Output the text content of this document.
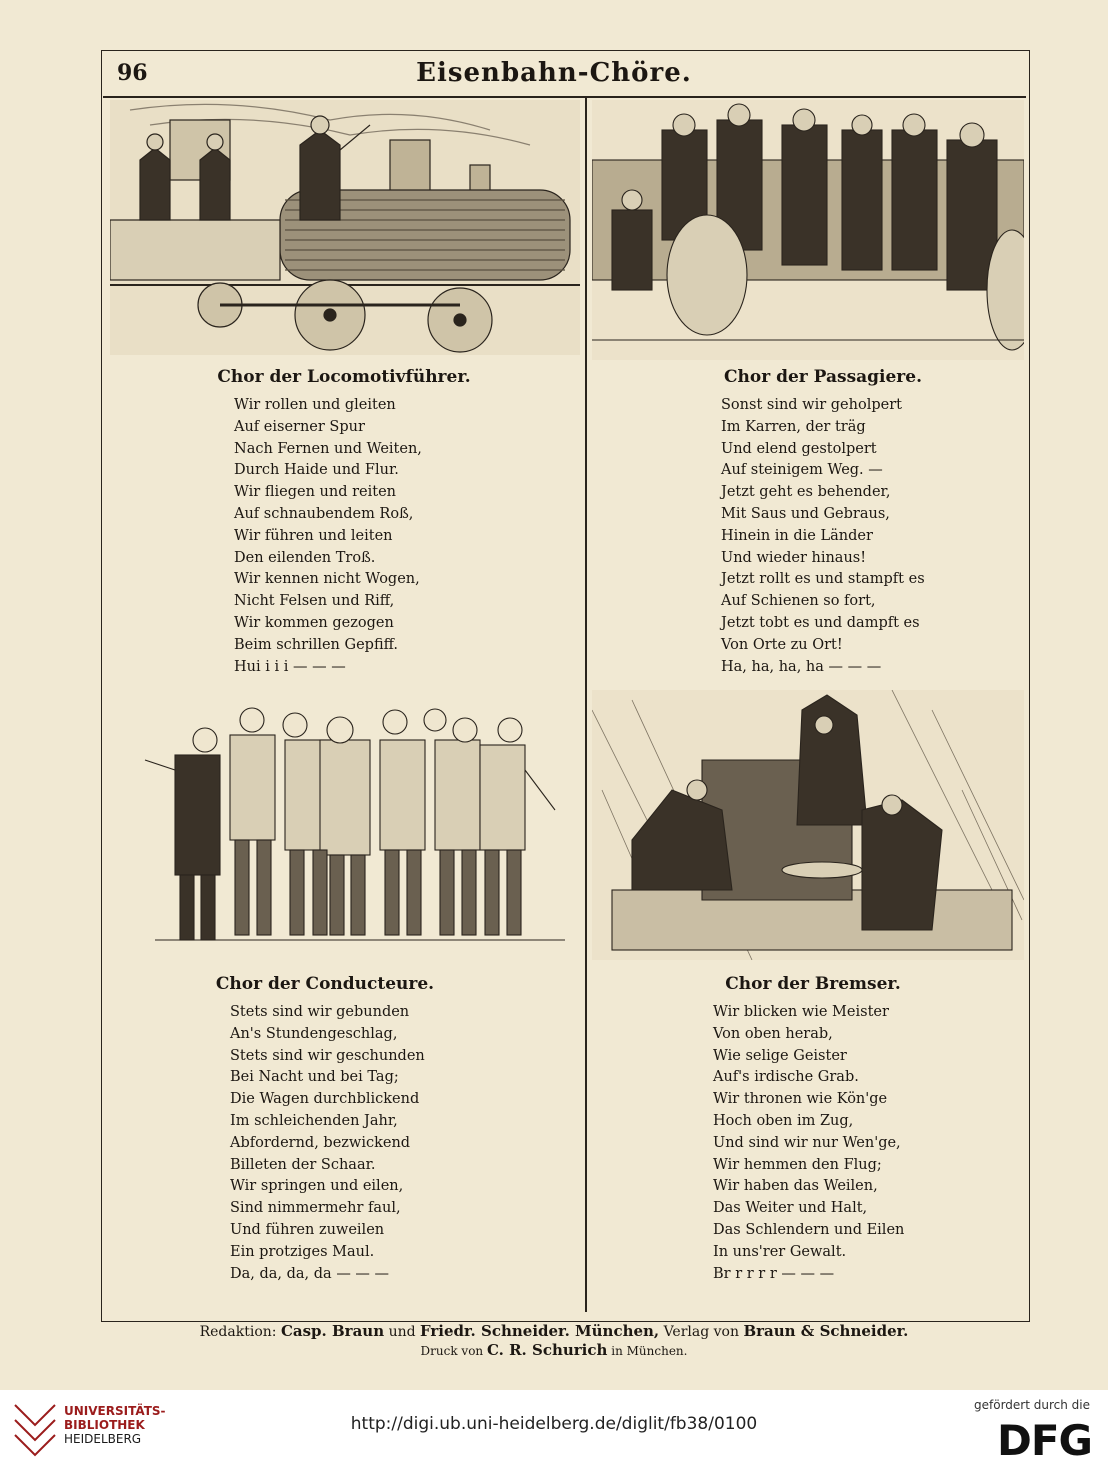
96	Eisenbahn-Chöre.
Chor der Locomotivführer.
Wir rollen und gleiten
Auf eiserner Spur
Nach Fernen und Weiten,
Durch Haide und Flur.
Wir fliegen und reiten
Auf schnaubendem Roß,
Wir führen und leiten
Den eilenden Troß.
Wir kennen nicht Wogen,
Nicht Felsen und Riff,
Wir kommen gezogen
Beim schrillen Gepfiff.
Hui i i i — — —
Chor der Passagiere.
Sonst sind wir geholpert
Im Karren, der träg
Und elend gestolpert
Auf steinigem Weg. —
Jetzt geht es behender,
Mit Saus und Gebraus,
Hinein in die Länder
Und wieder hinaus!
Jetzt rollt es und stampft es
Auf Schienen so fort,
Jetzt tobt es und dampft es
Von Orte zu Ort!
Ha, ha, ha, ha — — —
Chor der Conducteure.
Stets sind wir gebunden
An's Stundengeschlag,
Stets sind wir geschunden
Bei Nacht und bei Tag;
Die Wagen durchblickend
Im schleichenden Jahr,
Abfordernd, bezwickend
Billeten der Schaar.
Wir springen und eilen,
Sind nimmermehr faul,
Und führen zuweilen
Ein protziges Maul.
Da, da, da, da — — —
Chor der Bremser.
Wir blicken wie Meister
Von oben herab,
Wie selige Geister
Auf's irdische Grab.
Wir thronen wie Kön'ge
Hoch oben im Zug,
Und sind wir nur Wen'ge,
Wir hemmen den Flug;
Wir haben das Weilen,
Das Weiter und Halt,
Das Schlendern und Eilen
In uns'rer Gewalt.
Br r r r r — — —
Redaktion: Casp. Braun und Friedr. Schneider. München, Verlag von Braun & Schneider.
Druck von C. R. Schurich in München.
UNIVERSITÄTS-
BIBLIOTHEK
HEIDELBERG
http://digi.ub.uni-heidelberg.de/diglit/fb38/0100
gefördert durch die
DFG
